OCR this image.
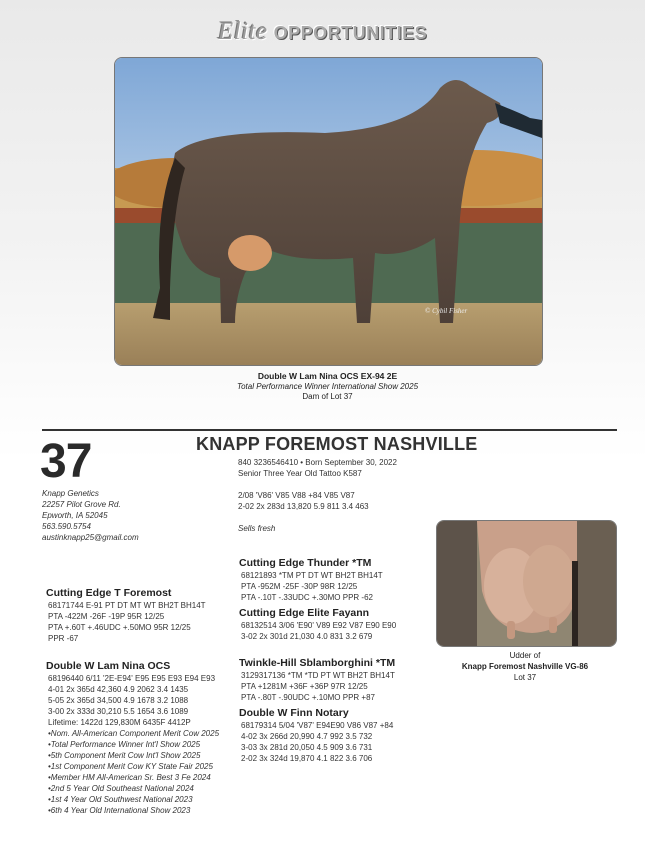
Elite OPPORTUNITIES
© Cybil Fisher
Double W Lam Nina OCS EX-94 2E
Total Performance Winner International Show 2025
Dam of Lot 37
37	KNAPP FOREMOST NASHVILLE
840 3236546410 • Born September 30, 2022
Senior Three Year Old Tattoo K587
2/08 'V86' V85 V88 +84 V85 V87
2-02 2x 283d 13,820 5.9 811 3.4 463
Sells fresh
Knapp Genetics
22257 Pilot Grove Rd.
Epworth, IA 52045
563.590.5754
austinknapp25@gmail.com
Cutting Edge T Foremost
68171744 E-91 PT DT MT WT BH2T BH14T
PTA -422M -26F -19P 95R 12/25
PTA +.60T +.46UDC +.50MO 95R 12/25
PPR -67
Double W Lam Nina OCS
68196440 6/11 '2E-E94' E95 E95 E93 E94 E93
4-01 2x 365d 42,360 4.9 2062 3.4 1435
5-05 2x 365d 34,500 4.9 1678 3.2 1088
3-00 2x 333d 30,210 5.5 1654 3.6 1089
Lifetime: 1422d 129,830M 6435F 4412P
•Nom. All-American Component Merit Cow 2025
•Total Performance Winner Int'l Show 2025
•5th Component Merit Cow Int'l Show 2025
•1st Component Merit Cow KY State Fair 2025
•Member HM All-American Sr. Best 3 Fe 2024
•2nd 5 Year Old Southeast National 2024
•1st 4 Year Old Southwest National 2023
•6th 4 Year Old International Show 2023
Cutting Edge Thunder *TM
68121893 *TM PT DT WT BH2T BH14T
PTA -952M -25F -30P 98R 12/25
PTA -.10T -.33UDC +.30MO PPR -62
Cutting Edge Elite Fayann
68132514 3/06 'E90' V89 E92 V87 E90 E90
3-02 2x 301d 21,030 4.0 831 3.2 679
Twinkle-Hill Sblamborghini *TM
3129317136 *TM *TD PT WT BH2T BH14T
PTA +1281M +36F +36P 97R 12/25
PTA -.80T -.90UDC +.10MO PPR +87
Double W Finn Notary
68179314 5/04 'V87' E94E90 V86 V87 +84
4-02 3x 266d 20,990 4.7 992 3.5 732
3-03 3x 281d 20,050 4.5 909 3.6 731
2-02 3x 324d 19,870 4.1 822 3.6 706
Udder of
Knapp Foremost Nashville VG-86
Lot 37
